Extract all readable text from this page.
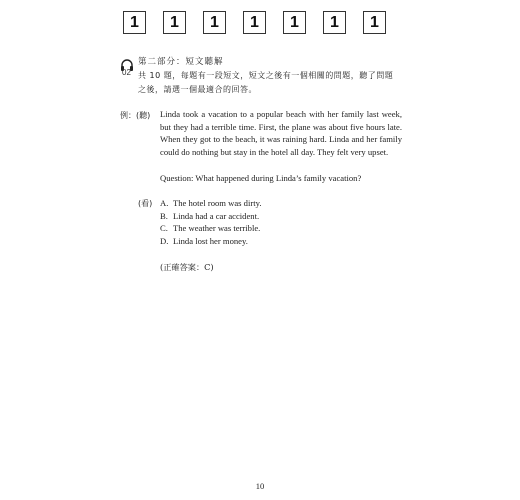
1	1	1	1	1	1	1
02
第二部分：短文聽解
共 10 題，每題有一段短文，短文之後有一個相關的問題，聽了問題之後，請選一個最適合的回答。
例：(聽) Linda took a vacation to a popular beach with her family last week, but they had a terrible time. First, the plane was about five hours late. When they got to the beach, it was raining hard. Linda and her family could do nothing but stay in the hotel all day. They felt very upset.

Question: What happened during Linda’s family vacation?
(看) A. The hotel room was dirty.
B. Linda had a car accident.
C. The weather was terrible.
D. Linda lost her money.
(正確答案：C)
10
